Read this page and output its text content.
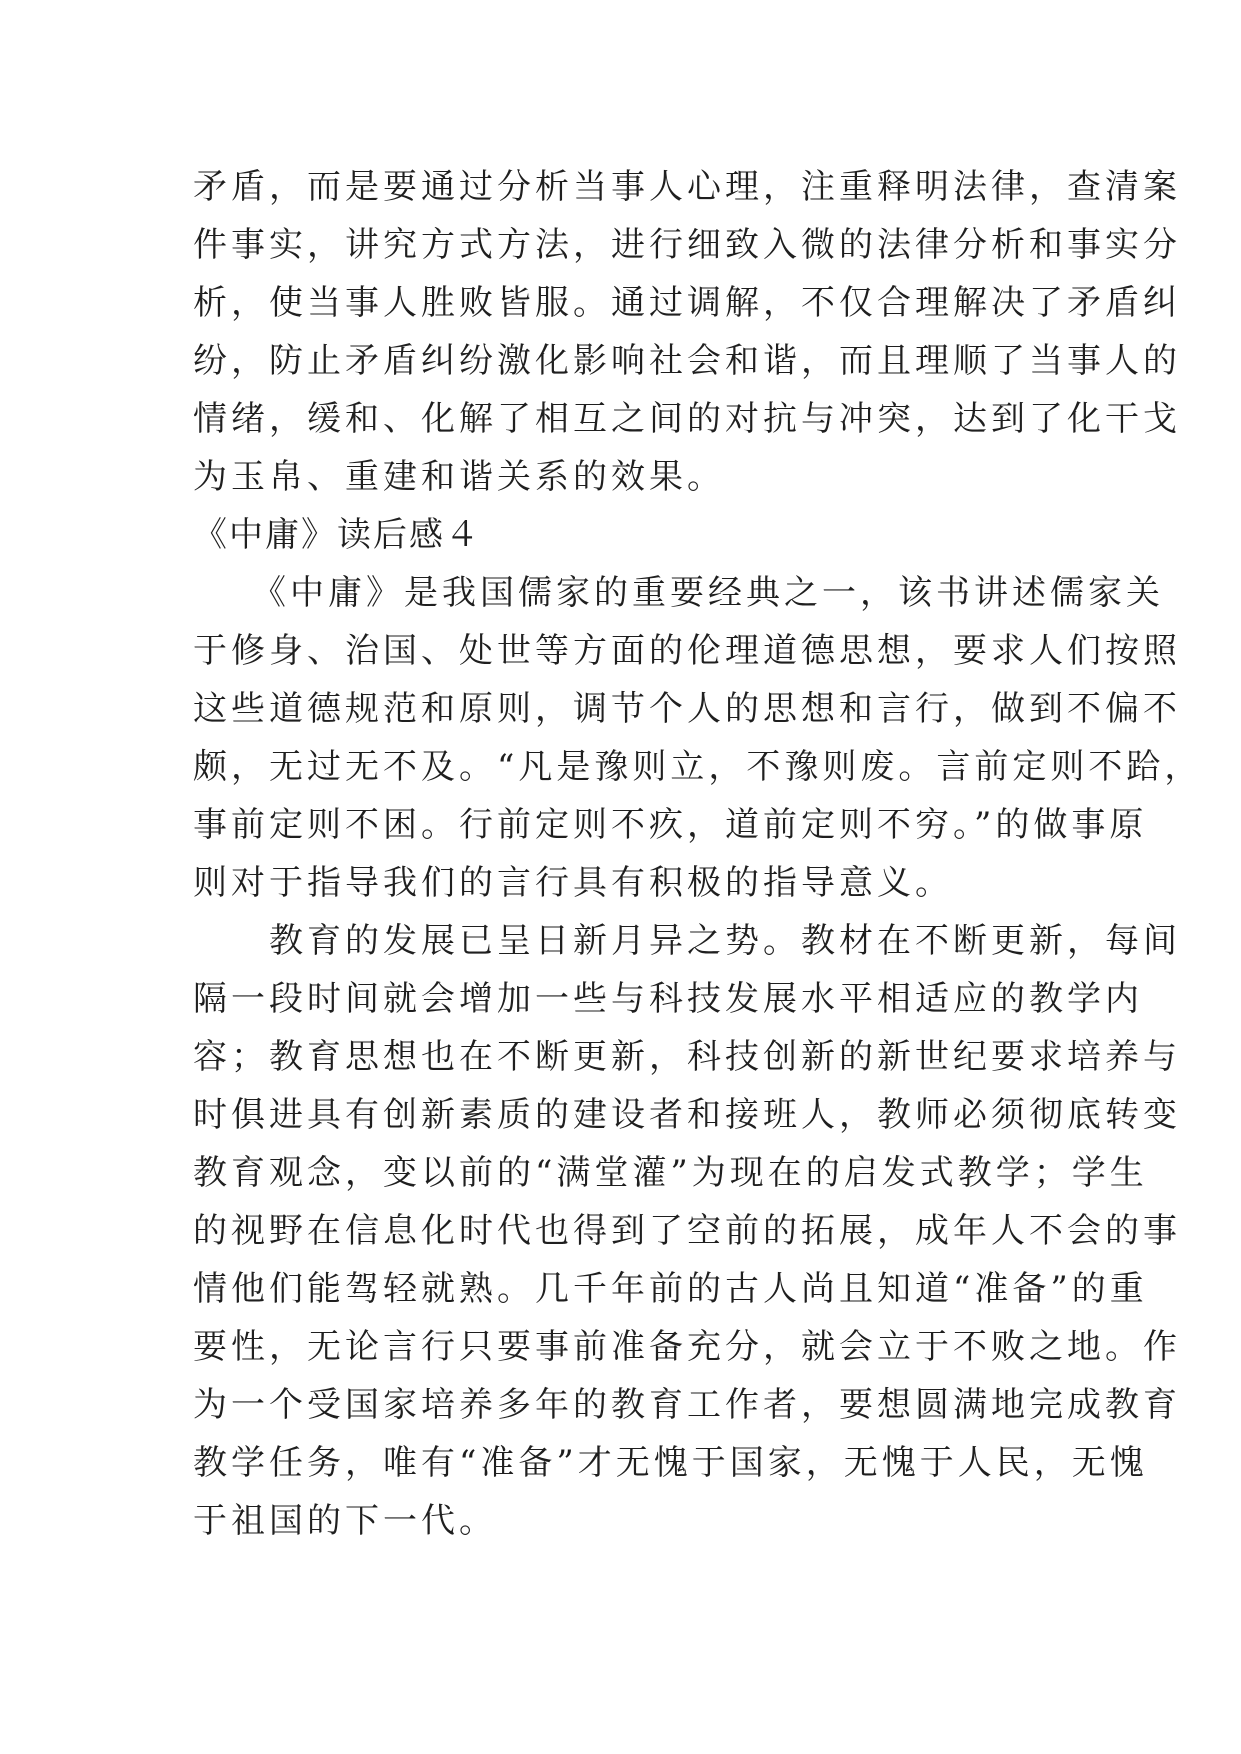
矛盾，而是要通过分析当事人心理，注重释明法律，查清案
件事实，讲究方式方法，进行细致入微的法律分析和事实分
析，使当事人胜败皆服。通过调解，不仅合理解决了矛盾纠
纷，防止矛盾纠纷激化影响社会和谐，而且理顺了当事人的
情绪，缓和、化解了相互之间的对抗与冲突，达到了化干戈
为玉帛、重建和谐关系的效果。
《中庸》读后感４
　　《中庸》是我国儒家的重要经典之一，该书讲述儒家关
于修身、治国、处世等方面的伦理道德思想，要求人们按照
这些道德规范和原则，调节个人的思想和言行，做到不偏不
颇，无过无不及。“凡是豫则立，不豫则废。言前定则不跲，
事前定则不困。行前定则不疚，道前定则不穷。”的做事原
则对于指导我们的言行具有积极的指导意义。
　　教育的发展已呈日新月异之势。教材在不断更新，每间
隔一段时间就会增加一些与科技发展水平相适应的教学内
容；教育思想也在不断更新，科技创新的新世纪要求培养与
时俱进具有创新素质的建设者和接班人，教师必须彻底转变
教育观念，变以前的“满堂灌”为现在的启发式教学；学生
的视野在信息化时代也得到了空前的拓展，成年人不会的事
情他们能驾轻就熟。几千年前的古人尚且知道“准备”的重
要性，无论言行只要事前准备充分，就会立于不败之地。作
为一个受国家培养多年的教育工作者，要想圆满地完成教育
教学任务，唯有“准备”才无愧于国家，无愧于人民，无愧
于祖国的下一代。
